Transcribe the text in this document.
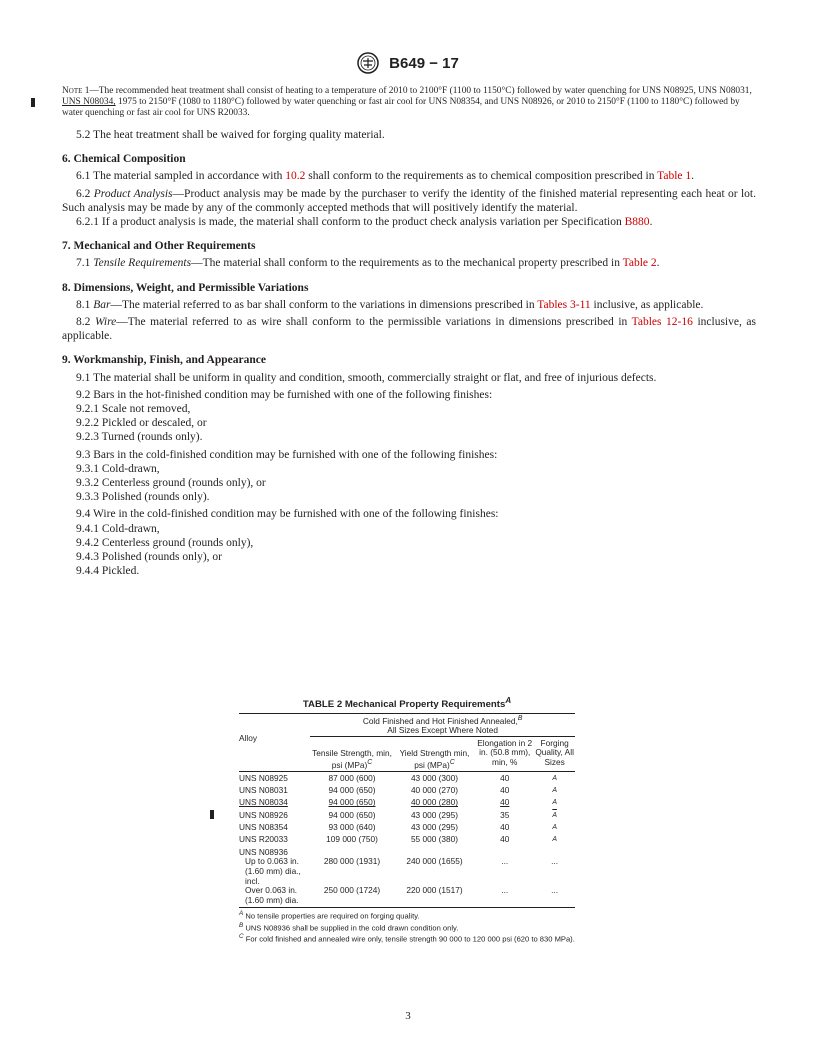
B649 − 17
Note 1—The recommended heat treatment shall consist of heating to a temperature of 2010 to 2100°F (1100 to 1150°C) followed by water quenching for UNS N08925, UNS N08031, UNS N08034, 1975 to 2150°F (1080 to 1180°C) followed by water quenching or fast air cool for UNS N08354, and UNS N08926, or 2010 to 2150°F (1100 to 1180°C) followed by water quenching or fast air cool for UNS R20033.

5.2 The heat treatment shall be waived for forging quality material.

6. Chemical Composition

6.1 The material sampled in accordance with 10.2 shall conform to the requirements as to chemical composition prescribed in Table 1.

6.2 Product Analysis—Product analysis may be made by the purchaser to verify the identity of the finished material representing each heat or lot. Such analysis may be made by any of the commonly accepted methods that will positively identify the material.

6.2.1 If a product analysis is made, the material shall conform to the product check analysis variation per Specification B880.

7. Mechanical and Other Requirements

7.1 Tensile Requirements—The material shall conform to the requirements as to the mechanical property prescribed in Table 2.

8. Dimensions, Weight, and Permissible Variations

8.1 Bar—The material referred to as bar shall conform to the variations in dimensions prescribed in Tables 3-11 inclusive, as applicable.

8.2 Wire—The material referred to as wire shall conform to the permissible variations in dimensions prescribed in Tables 12-16 inclusive, as applicable.

9. Workmanship, Finish, and Appearance

9.1 The material shall be uniform in quality and condition, smooth, commercially straight or flat, and free of injurious defects.

9.2 Bars in the hot-finished condition may be furnished with one of the following finishes:

9.2.1 Scale not removed,

9.2.2 Pickled or descaled, or

9.2.3 Turned (rounds only).

9.3 Bars in the cold-finished condition may be furnished with one of the following finishes:

9.3.1 Cold-drawn,

9.3.2 Centerless ground (rounds only), or

9.3.3 Polished (rounds only).

9.4 Wire in the cold-finished condition may be furnished with one of the following finishes:

9.4.1 Cold-drawn,

9.4.2 Centerless ground (rounds only),

9.4.3 Polished (rounds only), or

9.4.4 Pickled.

TABLE 2 Mechanical Property Requirements$^A$
Alloy	Cold Finished and Hot Finished Annealed,$^B$
All Sizes Except Where Noted			
	Tensile Strength, min, psi (MPa)$^C$	Yield Strength min, psi (MPa)$^C$	Elongation in 2 in. (50.8 mm), min, %	Forging Quality, All Sizes
UNS N08925	87 000 (600)	43 000 (300)	40	$^A$
UNS N08031	94 000 (650)	40 000 (270)	40	$^A$
UNS N08034	94 000 (650)	40 000 (280)	40	$^A$
UNS N08926	94 000 (650)	43 000 (295)	35	$^A$
UNS N08354	93 000 (640)	43 000 (295)	40	$^A$
UNS R20033	109 000 (750)	55 000 (380)	40	$^A$
UNS N08936				
Up to 0.063 in. (1.60 mm) dia., incl.	280 000 (1931)	240 000 (1655)	...	...
Over 0.063 in. (1.60 mm) dia.	250 000 (1724)	220 000 (1517)	...	...
$^A$ No tensile properties are required on forging quality.
$^B$ UNS N08936 shall be supplied in the cold drawn condition only.
$^C$ For cold finished and annealed wire only, tensile strength 90 000 to 120 000 psi (620 to 830 MPa).
3
